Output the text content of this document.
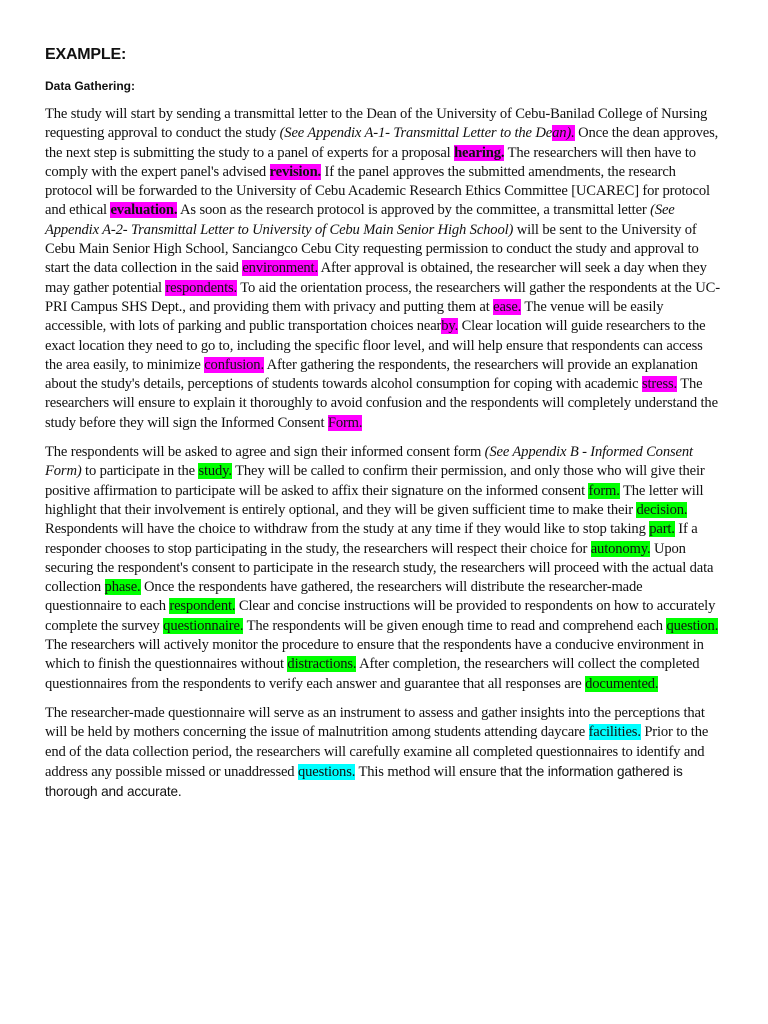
EXAMPLE:
Data Gathering:

The study will start by sending a transmittal letter to the Dean of the University of Cebu-Banilad College of Nursing requesting approval to conduct the study (See Appendix A-1- Transmittal Letter to the Dean). Once the dean approves, the next step is submitting the study to a panel of experts for a proposal hearing. The researchers will then have to comply with the expert panel's advised revision. If the panel approves the submitted amendments, the research protocol will be forwarded to the University of Cebu Academic Research Ethics Committee [UCAREC] for protocol and ethical evaluation. As soon as the research protocol is approved by the committee, a transmittal letter (See Appendix A-2- Transmittal Letter to University of Cebu Main Senior High School) will be sent to the University of Cebu Main Senior High School, Sanciangco Cebu City requesting permission to conduct the study and approval to start the data collection in the said environment. After approval is obtained, the researcher will seek a day when they may gather potential respondents. To aid the orientation process, the researchers will gather the respondents at the UC-PRI Campus SHS Dept., and providing them with privacy and putting them at ease. The venue will be easily accessible, with lots of parking and public transportation choices nearby. Clear location will guide researchers to the exact location they need to go to, including the specific floor level, and will help ensure that respondents can access the area easily, to minimize confusion. After gathering the respondents, the researchers will provide an explanation about the study's details, perceptions of students towards alcohol consumption for coping with academic stress. The researchers will ensure to explain it thoroughly to avoid confusion and the respondents will completely understand the study before they will sign the Informed Consent Form.

The respondents will be asked to agree and sign their informed consent form (See Appendix B - Informed Consent Form) to participate in the study. They will be called to confirm their permission, and only those who will give their positive affirmation to participate will be asked to affix their signature on the informed consent form. The letter will highlight that their involvement is entirely optional, and they will be given sufficient time to make their decision. Respondents will have the choice to withdraw from the study at any time if they would like to stop taking part. If a responder chooses to stop participating in the study, the researchers will respect their choice for autonomy. Upon securing the respondent's consent to participate in the research study, the researchers will proceed with the actual data collection phase. Once the respondents have gathered, the researchers will distribute the researcher-made questionnaire to each respondent. Clear and concise instructions will be provided to respondents on how to accurately complete the survey questionnaire. The respondents will be given enough time to read and comprehend each question. The researchers will actively monitor the procedure to ensure that the respondents have a conducive environment in which to finish the questionnaires without distractions. After completion, the researchers will collect the completed questionnaires from the respondents to verify each answer and guarantee that all responses are documented.

The researcher-made questionnaire will serve as an instrument to assess and gather insights into the perceptions that will be held by mothers concerning the issue of malnutrition among students attending daycare facilities. Prior to the end of the data collection period, the researchers will carefully examine all completed questionnaires to identify and address any possible missed or unaddressed questions. This method will ensure that the information gathered is thorough and accurate.
